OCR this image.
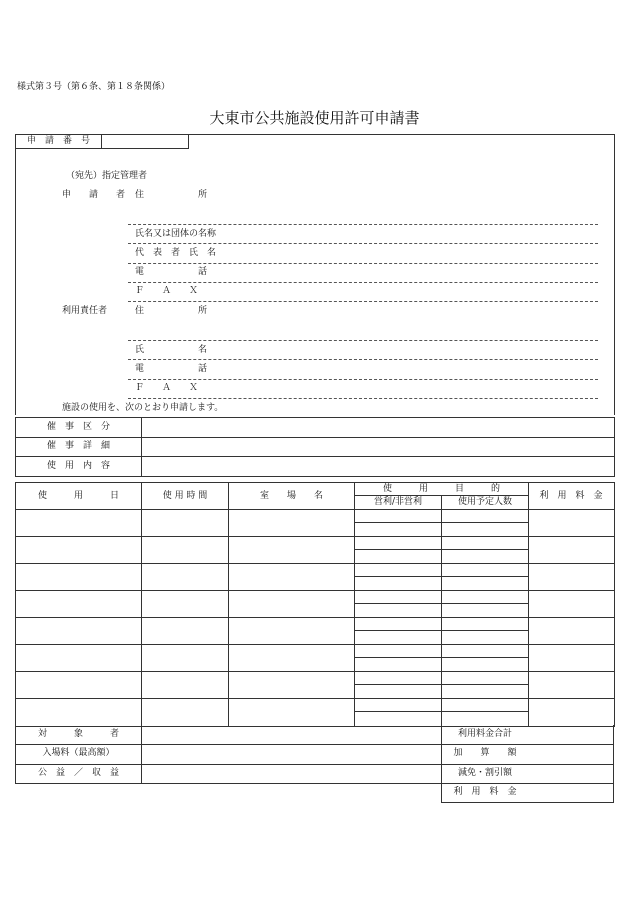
様式第３号（第６条、第１８条関係）
大東市公共施設使用許可申請書
申　請　番　号
（宛先）指定管理者
申　　請　　者 住　　　　　　所
氏名又は団体の名称
代　表　者　氏　名
電　　　　　　話
Ｆ　　Ａ　　Ｘ
利用責任者	住　　　　　　所
氏　　　　　　名
電　　　　　　話
Ｆ　　Ａ　　Ｘ
施設の使用を、次のとおり申請します。
催　事　区　分
催　事　詳　細
使　用　内　容
使　　　用　　　日	使 用 時 間	室　　場　　名
使　　　用　　　目　　　的
営利/非営利	使用予定人数
利　用　料　金
対　　　象　　　者
入場料（最高額）
公　益　／　収　益
利用料金合計
加　　算　　額
減免・割引額
利　用　料　金
